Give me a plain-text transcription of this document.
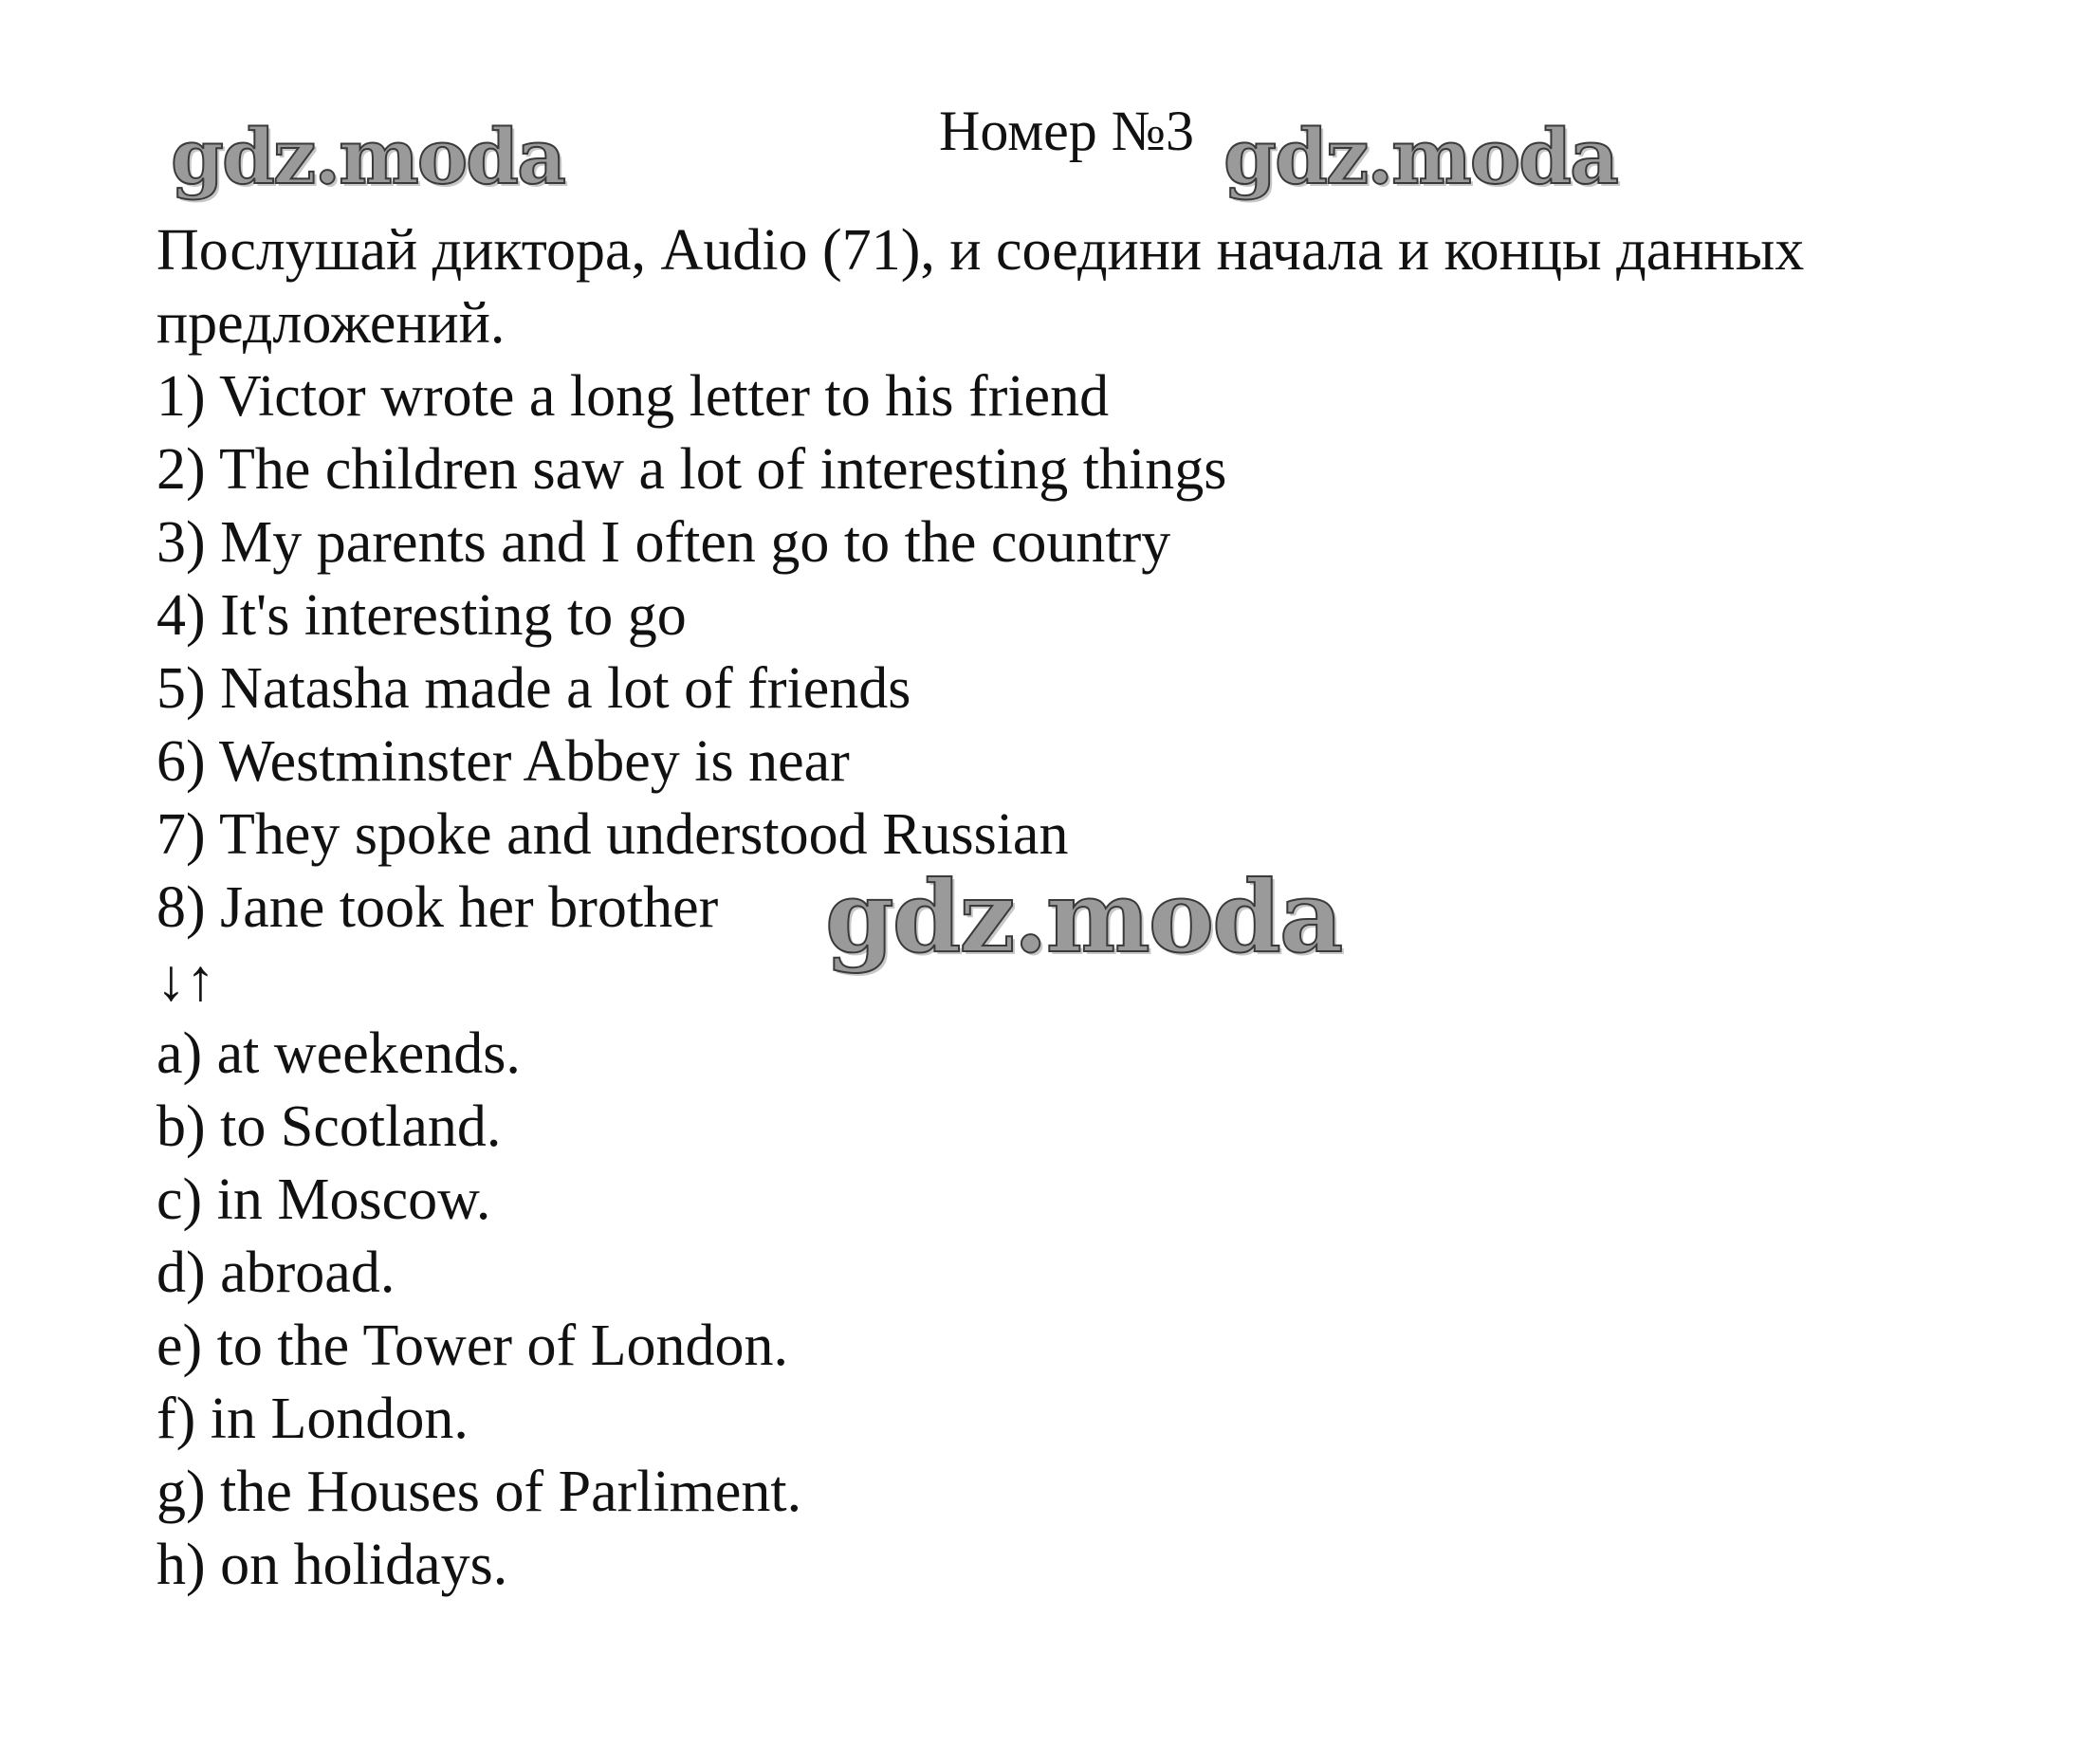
gdz.moda	gdz.moda
gdz.moda
Номер №3

Послушай диктора, Audio (71), и соедини начала и концы данных предложений.

1) Victor wrote a long letter to his friend

2) The children saw a lot of interesting things

3) My parents and I often go to the country

4) It's interesting to go

5) Natasha made a lot of friends

6) Westminster Abbey is near

7) They spoke and understood Russian

8) Jane took her brother

↓↑

a) at weekends.

b) to Scotland.

c) in Moscow.

d) abroad.

e) to the Tower of London.

f) in London.

g) the Houses of Parliment.

h) on holidays.
